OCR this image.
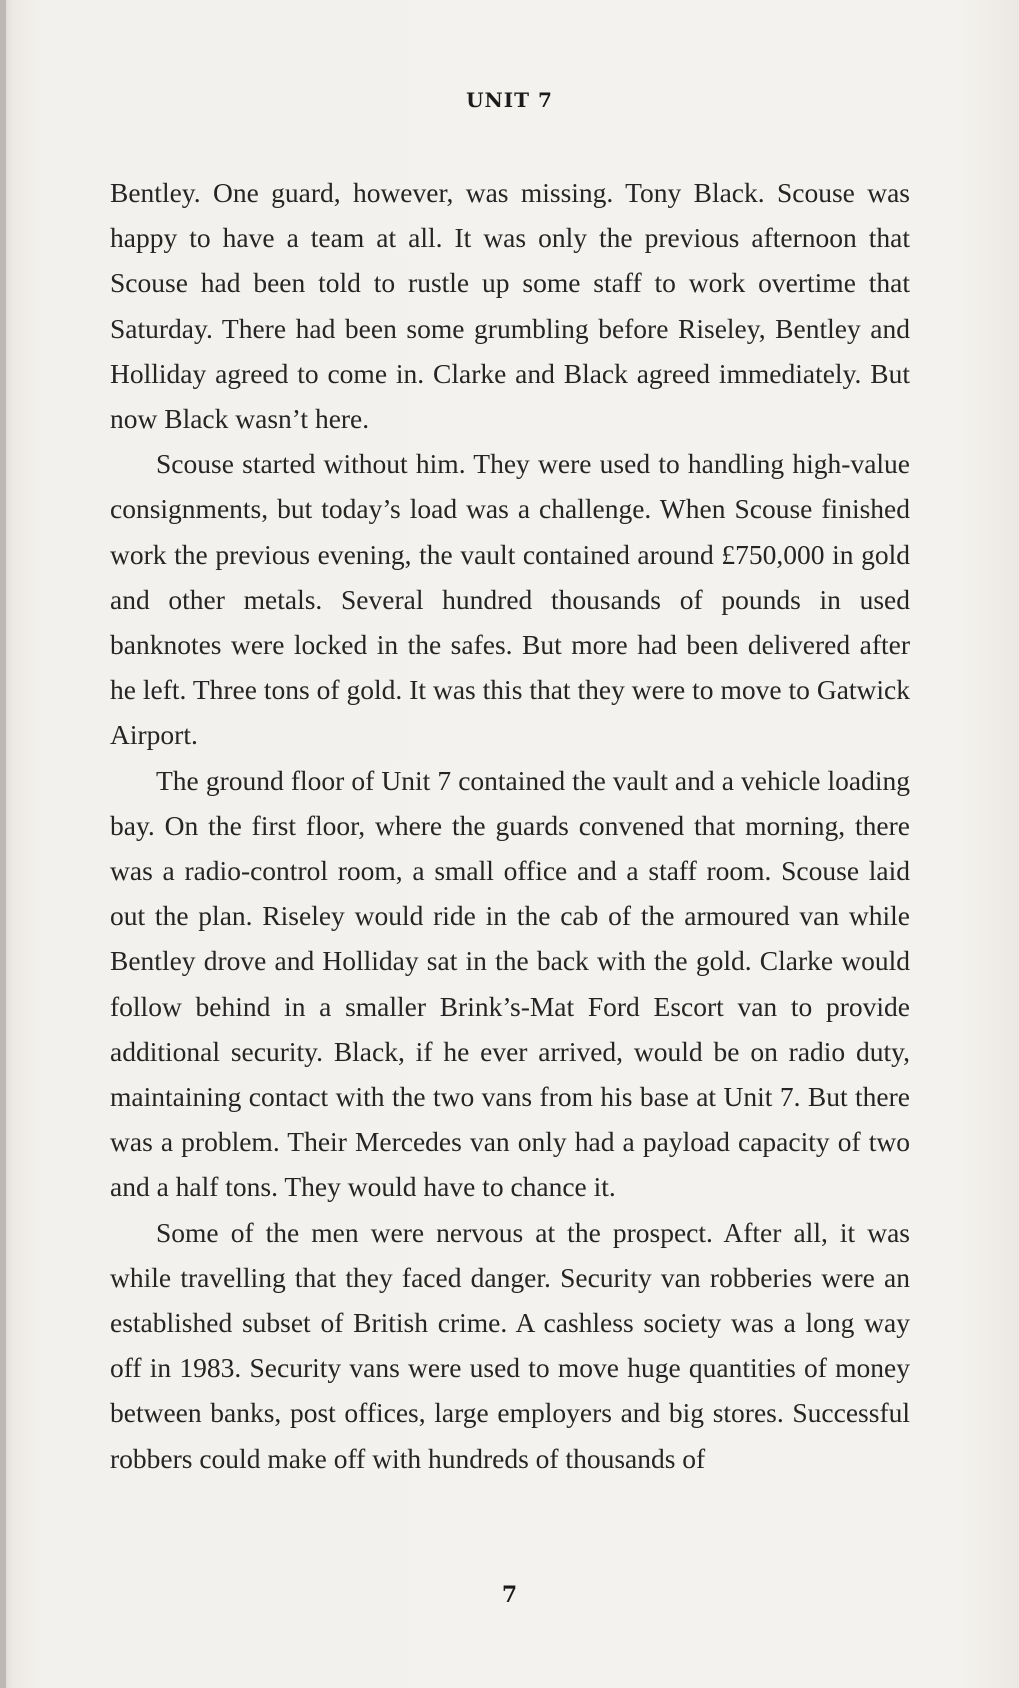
UNIT 7

Bentley. One guard, however, was missing. Tony Black. Scouse was happy to have a team at all. It was only the previous afternoon that Scouse had been told to rustle up some staff to work overtime that Saturday. There had been some grumbling before Riseley, Bentley and Holliday agreed to come in. Clarke and Black agreed immediately. But now Black wasn’t here.

Scouse started without him. They were used to handling high-value consignments, but today’s load was a challenge. When Scouse finished work the previous evening, the vault contained around £750,000 in gold and other metals. Several hundred thousands of pounds in used banknotes were locked in the safes. But more had been delivered after he left. Three tons of gold. It was this that they were to move to Gatwick Airport.

The ground floor of Unit 7 contained the vault and a vehicle loading bay. On the first floor, where the guards convened that morning, there was a radio-control room, a small office and a staff room. Scouse laid out the plan. Riseley would ride in the cab of the armoured van while Bentley drove and Holliday sat in the back with the gold. Clarke would follow behind in a smaller Brink’s-Mat Ford Escort van to provide additional security. Black, if he ever arrived, would be on radio duty, maintaining contact with the two vans from his base at Unit 7. But there was a problem. Their Mercedes van only had a payload capacity of two and a half tons. They would have to chance it.

Some of the men were nervous at the prospect. After all, it was while travelling that they faced danger. Security van robberies were an established subset of British crime. A cashless society was a long way off in 1983. Security vans were used to move huge quantities of money between banks, post offices, large employers and big stores. Successful robbers could make off with hundreds of thousands of

7
